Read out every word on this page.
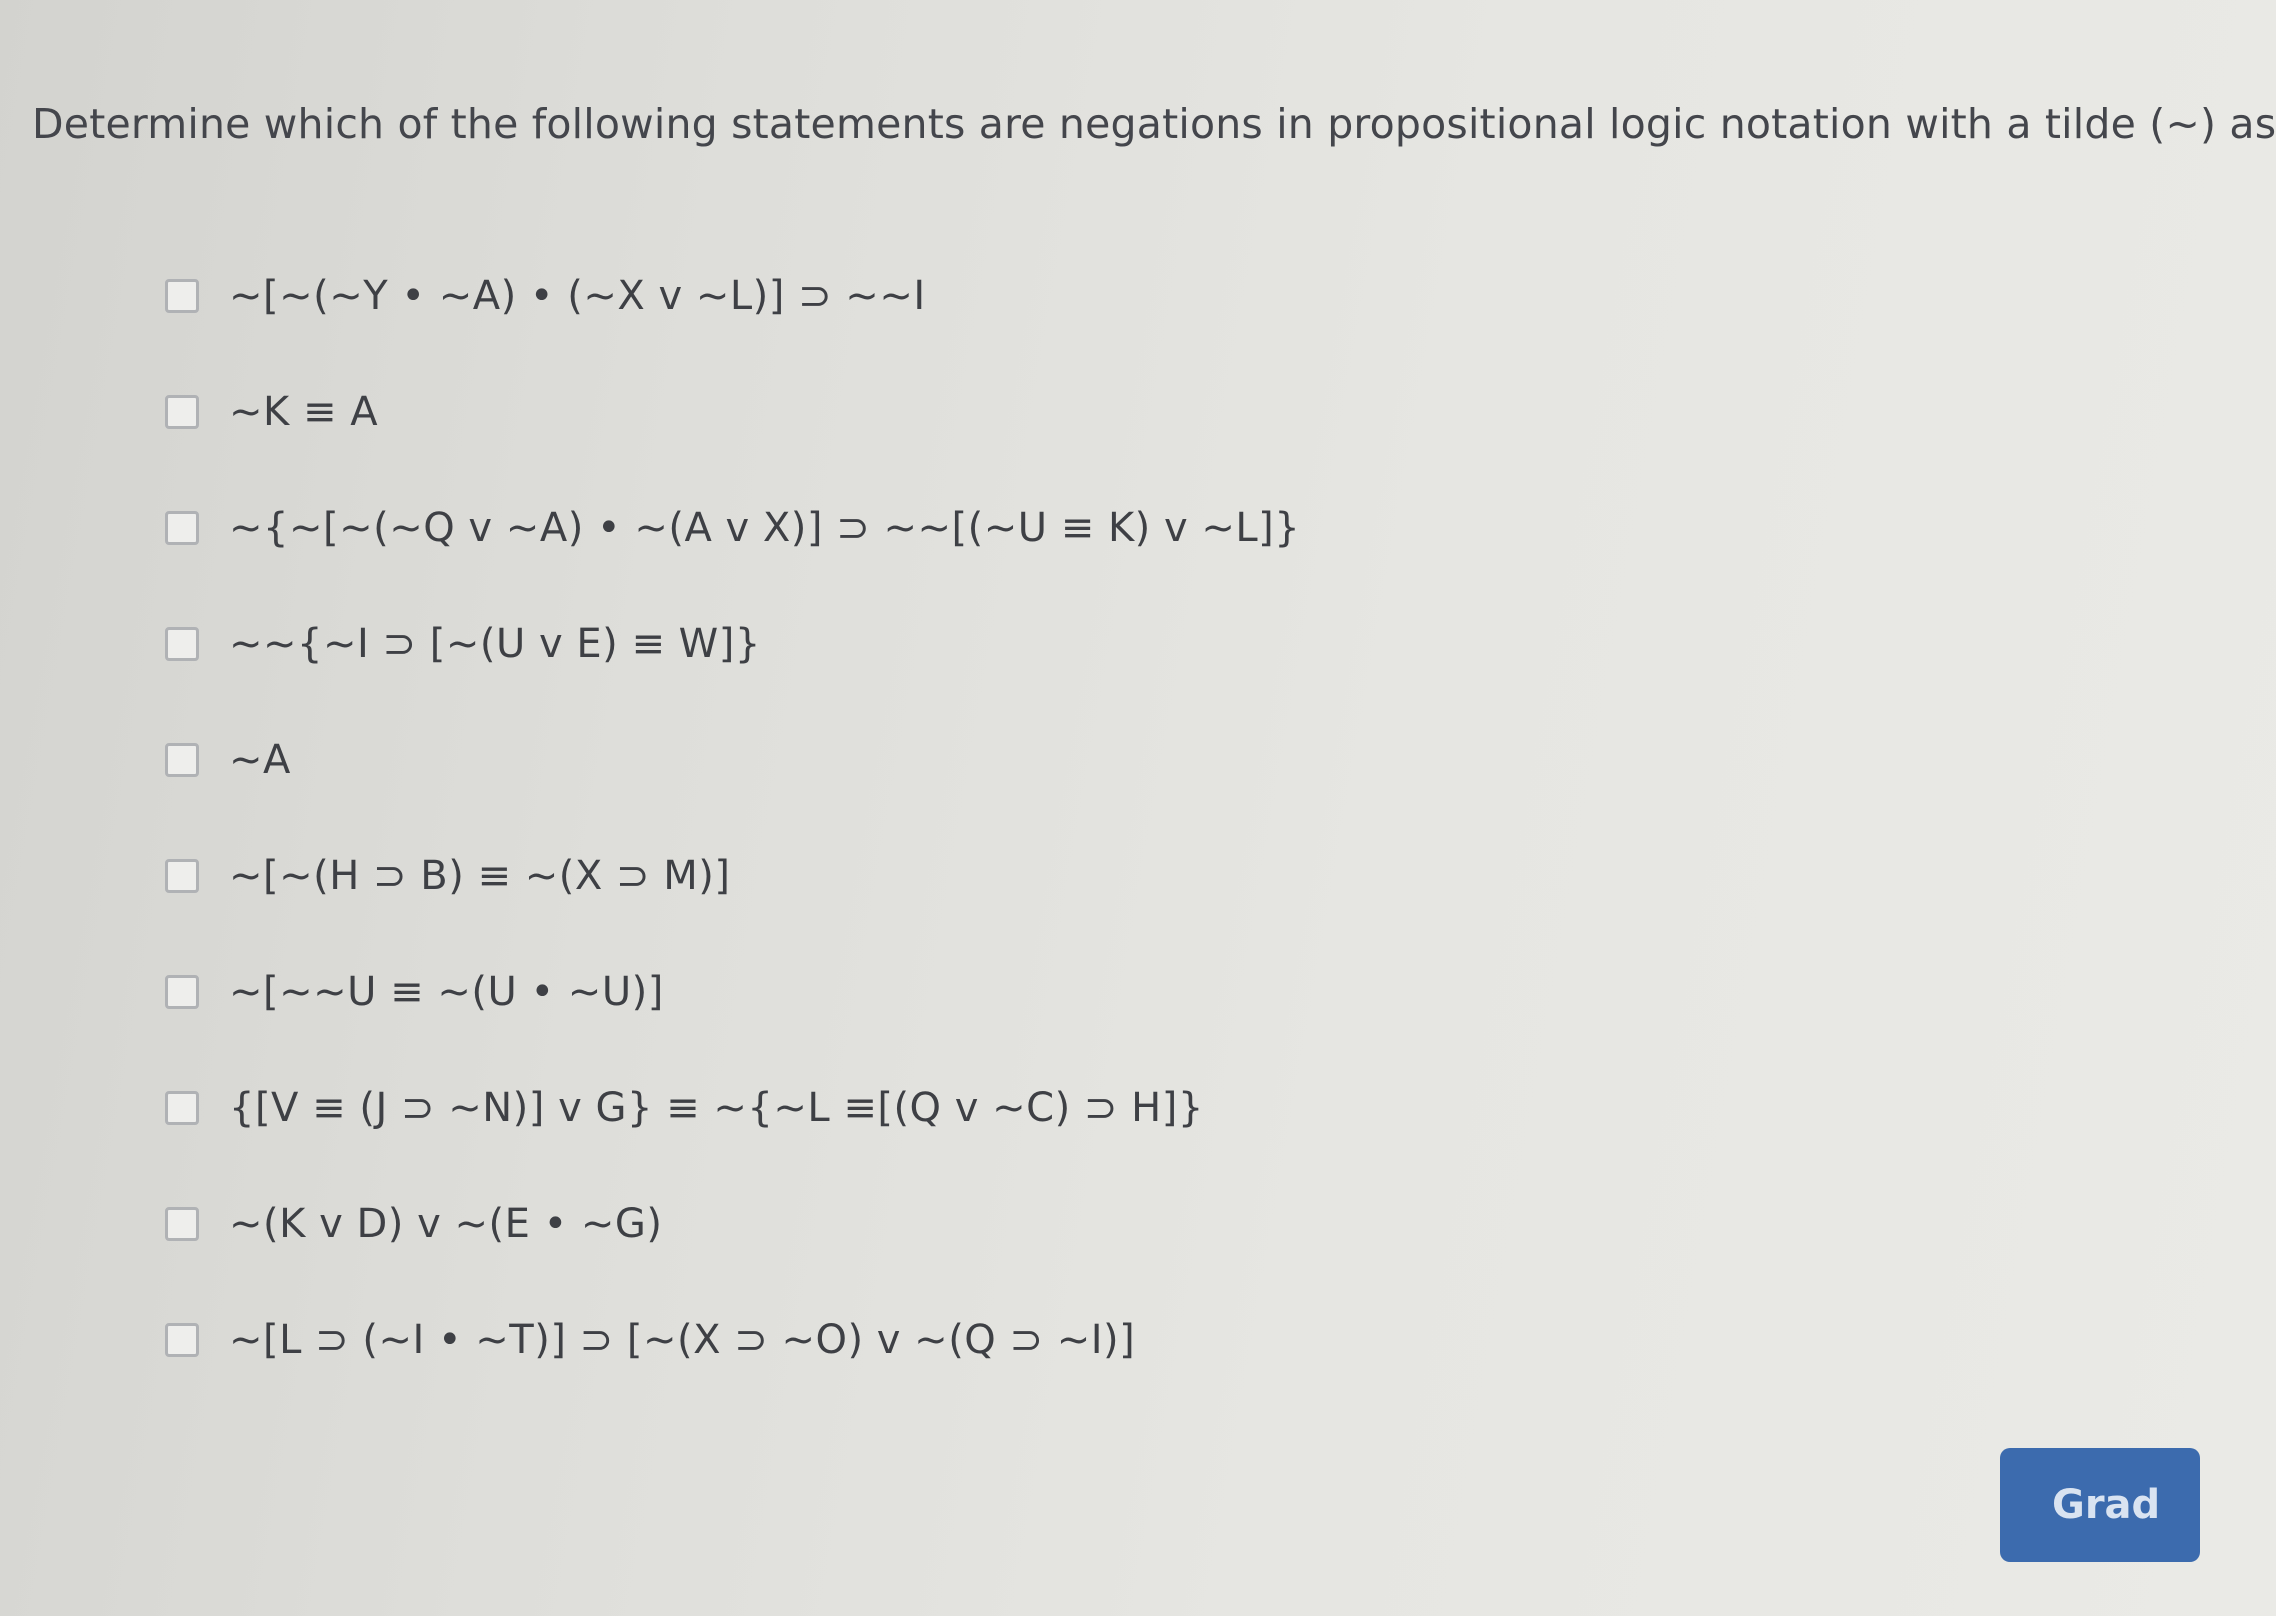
Determine which of the following statements are negations in propositional logic notation with a tilde (~) as
~[~(~Y • ~A) • (~X v ~L)] ⊃ ~~I
~K ≡ A
~{~[~(~Q v ~A) • ~(A v X)] ⊃ ~~[(~U ≡ K) v ~L]}
~~{~I ⊃ [~(U v E) ≡ W]}
~A
~[~(H ⊃ B) ≡ ~(X ⊃ M)]
~[~~U ≡ ~(U • ~U)]
{[V ≡ (J ⊃ ~N)] v G} ≡ ~{~L ≡[(Q v ~C) ⊃ H]}
~(K v D) v ~(E • ~G)
~[L ⊃ (~I • ~T)] ⊃ [~(X ⊃ ~O) v ~(Q ⊃ ~I)]
Grad
